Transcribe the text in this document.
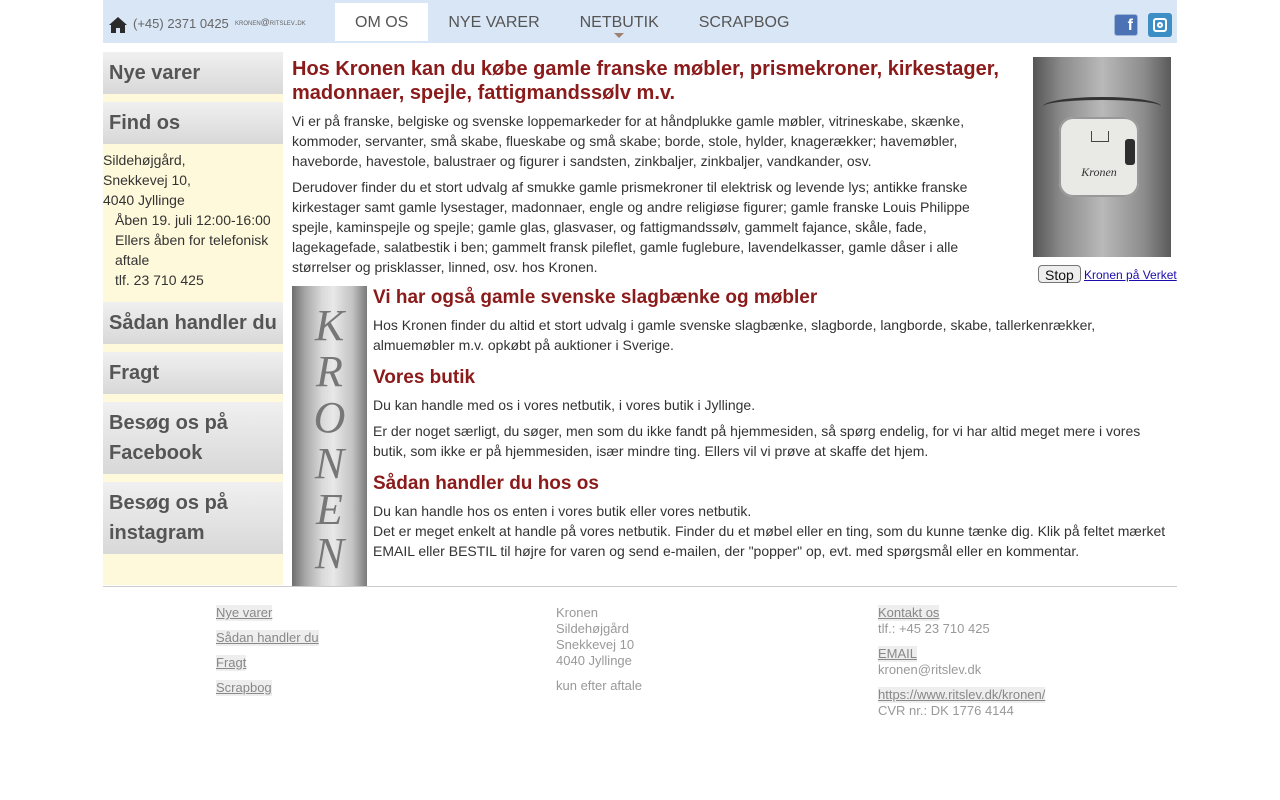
(+45) 2371 0425 kronen@ritslev.dk	OM OS	NYE VARER	NETBUTIK	SCRAPBOG	f
Nye varer
Find os
Sildehøjgård,
Snekkevej 10,
4040 Jyllinge
Åben 19. juli 12:00-16:00
Ellers åben for telefonisk aftale
tlf. 23 710 425
Sådan handler du
Fragt
Besøg os på Facebook
Besøg os på instagram
Hos Kronen kan du købe gamle franske møbler, prismekroner, kirkestager, madonnaer, spejle, fattigmandssølv m.v.

Vi er på franske, belgiske og svenske loppemarkeder for at håndplukke gamle møbler, vitrineskabe, skænke, kommoder, servanter, små skabe, flueskabe og små skabe; borde, stole, hylder, knagerækker; havemøbler, haveborde, havestole, balustraer og figurer i sandsten, zinkbaljer, zinkbaljer, vandkander, osv.

Derudover finder du et stort udvalg af smukke gamle prismekroner til elektrisk og levende lys; antikke franske kirkestager samt gamle lysestager, madonnaer, engle og andre religiøse figurer; gamle franske Louis Philippe spejle, kaminspejle og spejle; gamle glas, glasvaser, og fattigmandssølv, gammelt fajance, skåle, fade, lagekagefade, salatbestik i ben; gammelt fransk pileflet, gamle fuglebure, lavendelkasser, gamle dåser i alle størrelser og prisklasser, linned, osv. hos Kronen.

Kronen
Stop Kronen på Verket
K
R
O
N
E
N
Vi har også gamle svenske slagbænke og møbler

Hos Kronen finder du altid et stort udvalg i gamle svenske slagbænke, slagborde, langborde, skabe, tallerkenrækker, almuemøbler m.v. opkøbt på auktioner i Sverige.

Vores butik

Du kan handle med os i vores netbutik, i vores butik i Jyllinge.

Er der noget særligt, du søger, men som du ikke fandt på hjemmesiden, så spørg endelig, for vi har altid meget mere i vores butik, som ikke er på hjemmesiden, især mindre ting. Ellers vil vi prøve at skaffe det hjem.

Sådan handler du hos os

Du kan handle hos os enten i vores butik eller vores netbutik.

Det er meget enkelt at handle på vores netbutik. Finder du et møbel eller en ting, som du kunne tænke dig. Klik på feltet mærket EMAIL eller BESTIL til højre for varen og send e-mailen, der "popper" op, evt. med spørgsmål eller en kommentar.

Nye varer
Sådan handler du
Fragt
Scrapbog
Kronen
Sildehøjgård
Snekkevej 10
4040 Jyllinge
kun efter aftale
Kontakt os
tlf.: +45 23 710 425
EMAIL
kronen@ritslev.dk
https://www.ritslev.dk/kronen/
CVR nr.: DK 1776 4144
